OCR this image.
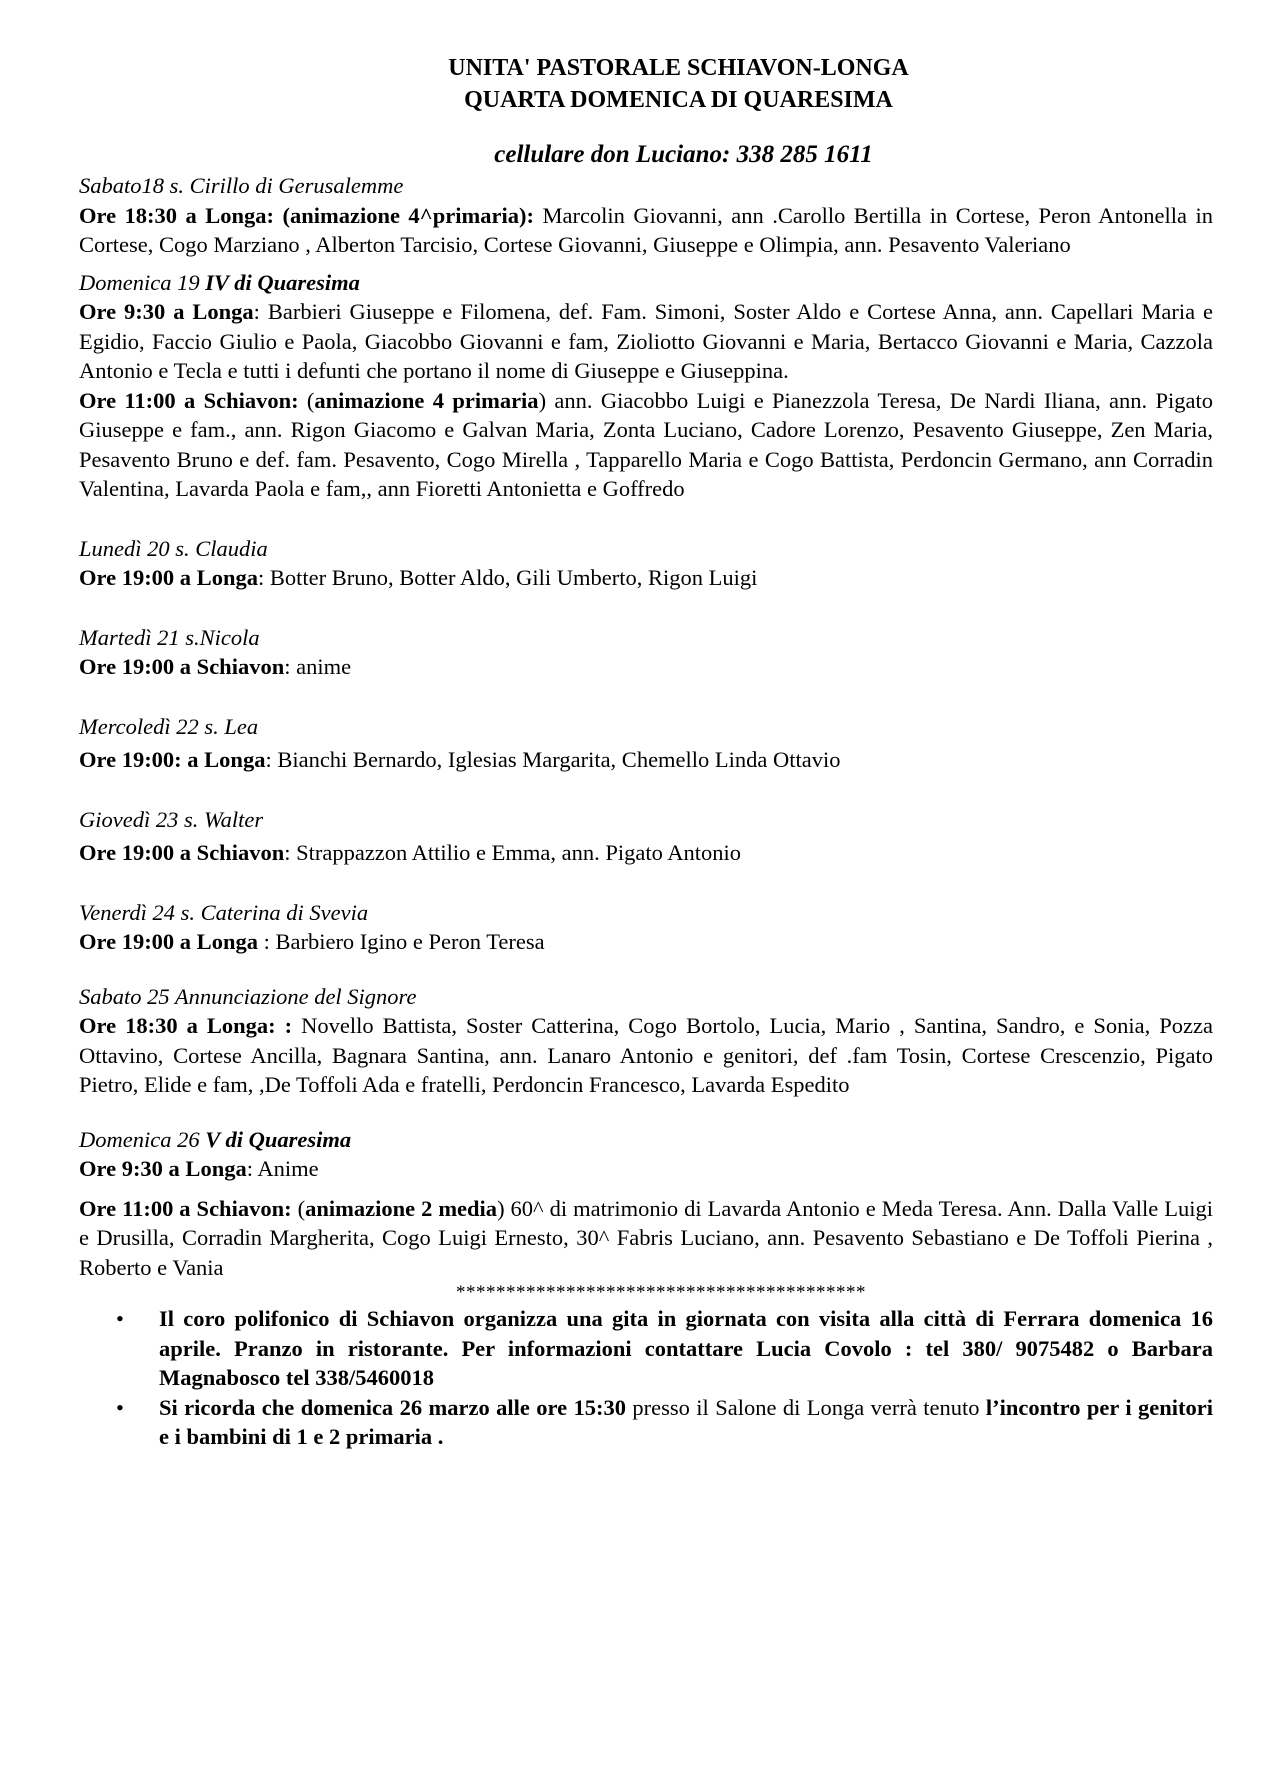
UNITA' PASTORALE SCHIAVON-LONGA
QUARTA DOMENICA DI QUARESIMA
cellulare don Luciano: 338 285 1611
Sabato18 s. Cirillo di Gerusalemme
Ore 18:30 a Longa: (animazione 4^primaria): Marcolin Giovanni, ann .Carollo Bertilla in Cortese, Peron Antonella in Cortese, Cogo Marziano , Alberton Tarcisio, Cortese Giovanni, Giuseppe e Olimpia, ann. Pesavento Valeriano
Domenica 19 IV di Quaresima
Ore 9:30 a Longa: Barbieri Giuseppe e Filomena, def. Fam. Simoni, Soster Aldo e Cortese Anna, ann. Capellari Maria e Egidio, Faccio Giulio e Paola, Giacobbo Giovanni e fam, Zioliotto Giovanni e Maria, Bertacco Giovanni e Maria, Cazzola Antonio e Tecla e tutti i defunti che portano il nome di Giuseppe e Giuseppina.
Ore 11:00 a Schiavon: (animazione 4 primaria) ann. Giacobbo Luigi e Pianezzola Teresa, De Nardi Iliana, ann. Pigato Giuseppe e fam., ann. Rigon Giacomo e Galvan Maria, Zonta Luciano, Cadore Lorenzo, Pesavento Giuseppe, Zen Maria, Pesavento Bruno e def. fam. Pesavento, Cogo Mirella , Tapparello Maria e Cogo Battista, Perdoncin Germano, ann Corradin Valentina, Lavarda Paola e fam,, ann Fioretti Antonietta e Goffredo
Lunedì 20 s. Claudia
Ore 19:00 a Longa: Botter Bruno, Botter Aldo, Gili Umberto, Rigon Luigi
Martedì 21 s.Nicola
Ore 19:00 a Schiavon: anime
Mercoledì 22 s. Lea
Ore 19:00: a Longa: Bianchi Bernardo, Iglesias Margarita, Chemello Linda Ottavio
Giovedì 23 s. Walter
Ore 19:00 a Schiavon: Strappazzon Attilio e Emma, ann. Pigato Antonio
Venerdì 24 s. Caterina di Svevia
Ore 19:00 a Longa : Barbiero Igino e Peron Teresa
Sabato 25 Annunciazione del Signore
Ore 18:30 a Longa: : Novello Battista, Soster Catterina, Cogo Bortolo, Lucia, Mario , Santina, Sandro, e Sonia, Pozza Ottavino, Cortese Ancilla, Bagnara Santina, ann. Lanaro Antonio e genitori, def .fam Tosin, Cortese Crescenzio, Pigato Pietro, Elide e fam, ,De Toffoli Ada e fratelli, Perdoncin Francesco, Lavarda Espedito
Domenica 26 V di Quaresima
Ore 9:30 a Longa: Anime
Ore 11:00 a Schiavon: (animazione 2 media) 60^ di matrimonio di Lavarda Antonio e Meda Teresa. Ann. Dalla Valle Luigi e Drusilla, Corradin Margherita, Cogo Luigi Ernesto, 30^ Fabris Luciano, ann. Pesavento Sebastiano e De Toffoli Pierina , Roberto e Vania
*****************************************
• Il coro polifonico di Schiavon organizza una gita in giornata con visita alla città di Ferrara domenica 16 aprile. Pranzo in ristorante. Per informazioni contattare Lucia Covolo : tel 380/ 9075482 o Barbara Magnabosco tel 338/5460018
• Si ricorda che domenica 26 marzo alle ore 15:30 presso il Salone di Longa verrà tenuto l’incontro per i genitori e i bambini di 1 e 2 primaria .
